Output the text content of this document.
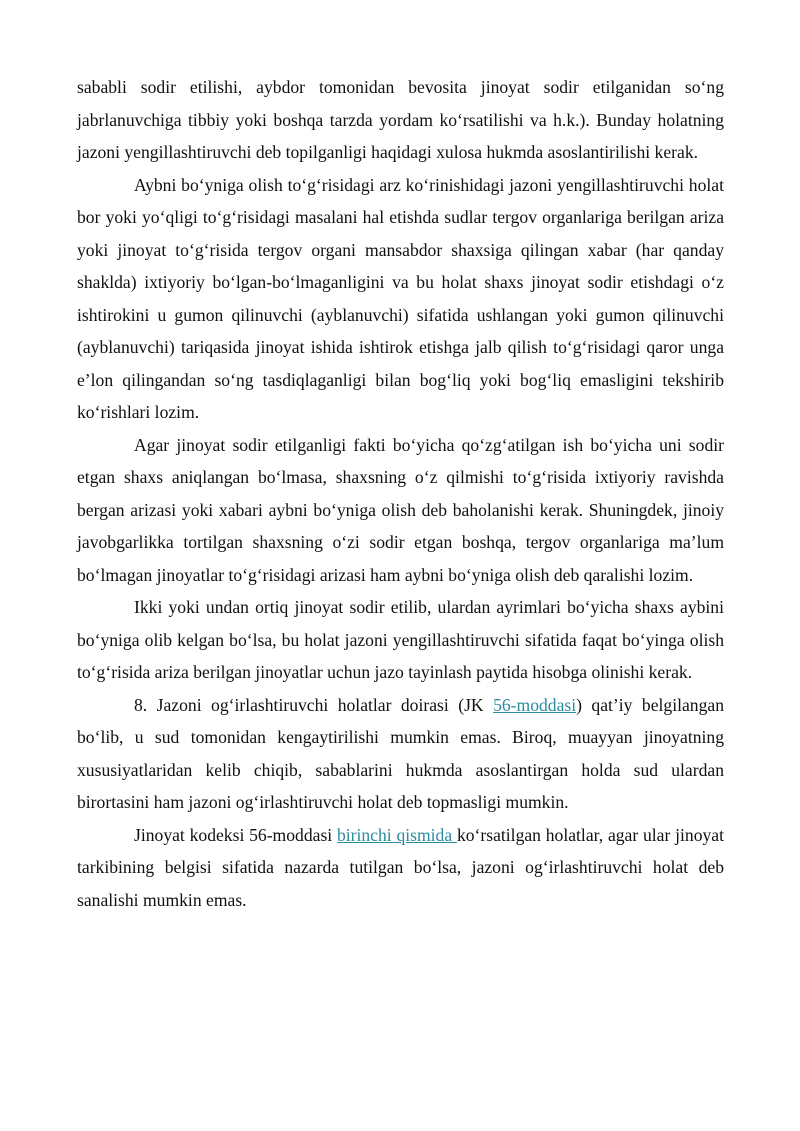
sababli sodir etilishi, aybdor tomonidan bevosita jinoyat sodir etilganidan so‘ng jabrlanuvchiga tibbiy yoki boshqa tarzda yordam ko‘rsatilishi va h.k.). Bunday holatning jazoni yengillashtiruvchi deb topilganligi haqidagi xulosa hukmda asoslantirilishi kerak.

Aybni bo‘yniga olish to‘g‘risidagi arz ko‘rinishidagi jazoni yengillashtiruvchi holat bor yoki yo‘qligi to‘g‘risidagi masalani hal etishda sudlar tergov organlariga berilgan ariza yoki jinoyat to‘g‘risida tergov organi mansabdor shaxsiga qilingan xabar (har qanday shaklda) ixtiyoriy bo‘lgan-bo‘lmaganligini va bu holat shaxs jinoyat sodir etishdagi o‘z ishtirokini u gumon qilinuvchi (ayblanuvchi) sifatida ushlangan yoki gumon qilinuvchi (ayblanuvchi) tariqasida jinoyat ishida ishtirok etishga jalb qilish to‘g‘risidagi qaror unga e’lon qilingandan so‘ng tasdiqlaganligi bilan bog‘liq yoki bog‘liq emasligini tekshirib ko‘rishlari lozim.

Agar jinoyat sodir etilganligi fakti bo‘yicha qo‘zg‘atilgan ish bo‘yicha uni sodir etgan shaxs aniqlangan bo‘lmasa, shaxsning o‘z qilmishi to‘g‘risida ixtiyoriy ravishda bergan arizasi yoki xabari aybni bo‘yniga olish deb baholanishi kerak. Shuningdek, jinoiy javobgarlikka tortilgan shaxsning o‘zi sodir etgan boshqa, tergov organlariga ma’lum bo‘lmagan jinoyatlar to‘g‘risidagi arizasi ham aybni bo‘yniga olish deb qaralishi lozim.

Ikki yoki undan ortiq jinoyat sodir etilib, ulardan ayrimlari bo‘yicha shaxs aybini bo‘yniga olib kelgan bo‘lsa, bu holat jazoni yengillashtiruvchi sifatida faqat bo‘yinga olish to‘g‘risida ariza berilgan jinoyatlar uchun jazo tayinlash paytida hisobga olinishi kerak.

8. Jazoni og‘irlashtiruvchi holatlar doirasi (JK 56-moddasi) qat’iy belgilangan bo‘lib, u sud tomonidan kengaytirilishi mumkin emas. Biroq, muayyan jinoyatning xususiyatlaridan kelib chiqib, sabablarini hukmda asoslantirgan holda sud ulardan birortasini ham jazoni og‘irlashtiruvchi holat deb topmasligi mumkin.

Jinoyat kodeksi 56-moddasi birinchi qismida ko‘rsatilgan holatlar, agar ular jinoyat tarkibining belgisi sifatida nazarda tutilgan bo‘lsa, jazoni og‘irlashtiruvchi holat deb sanalishi mumkin emas.
